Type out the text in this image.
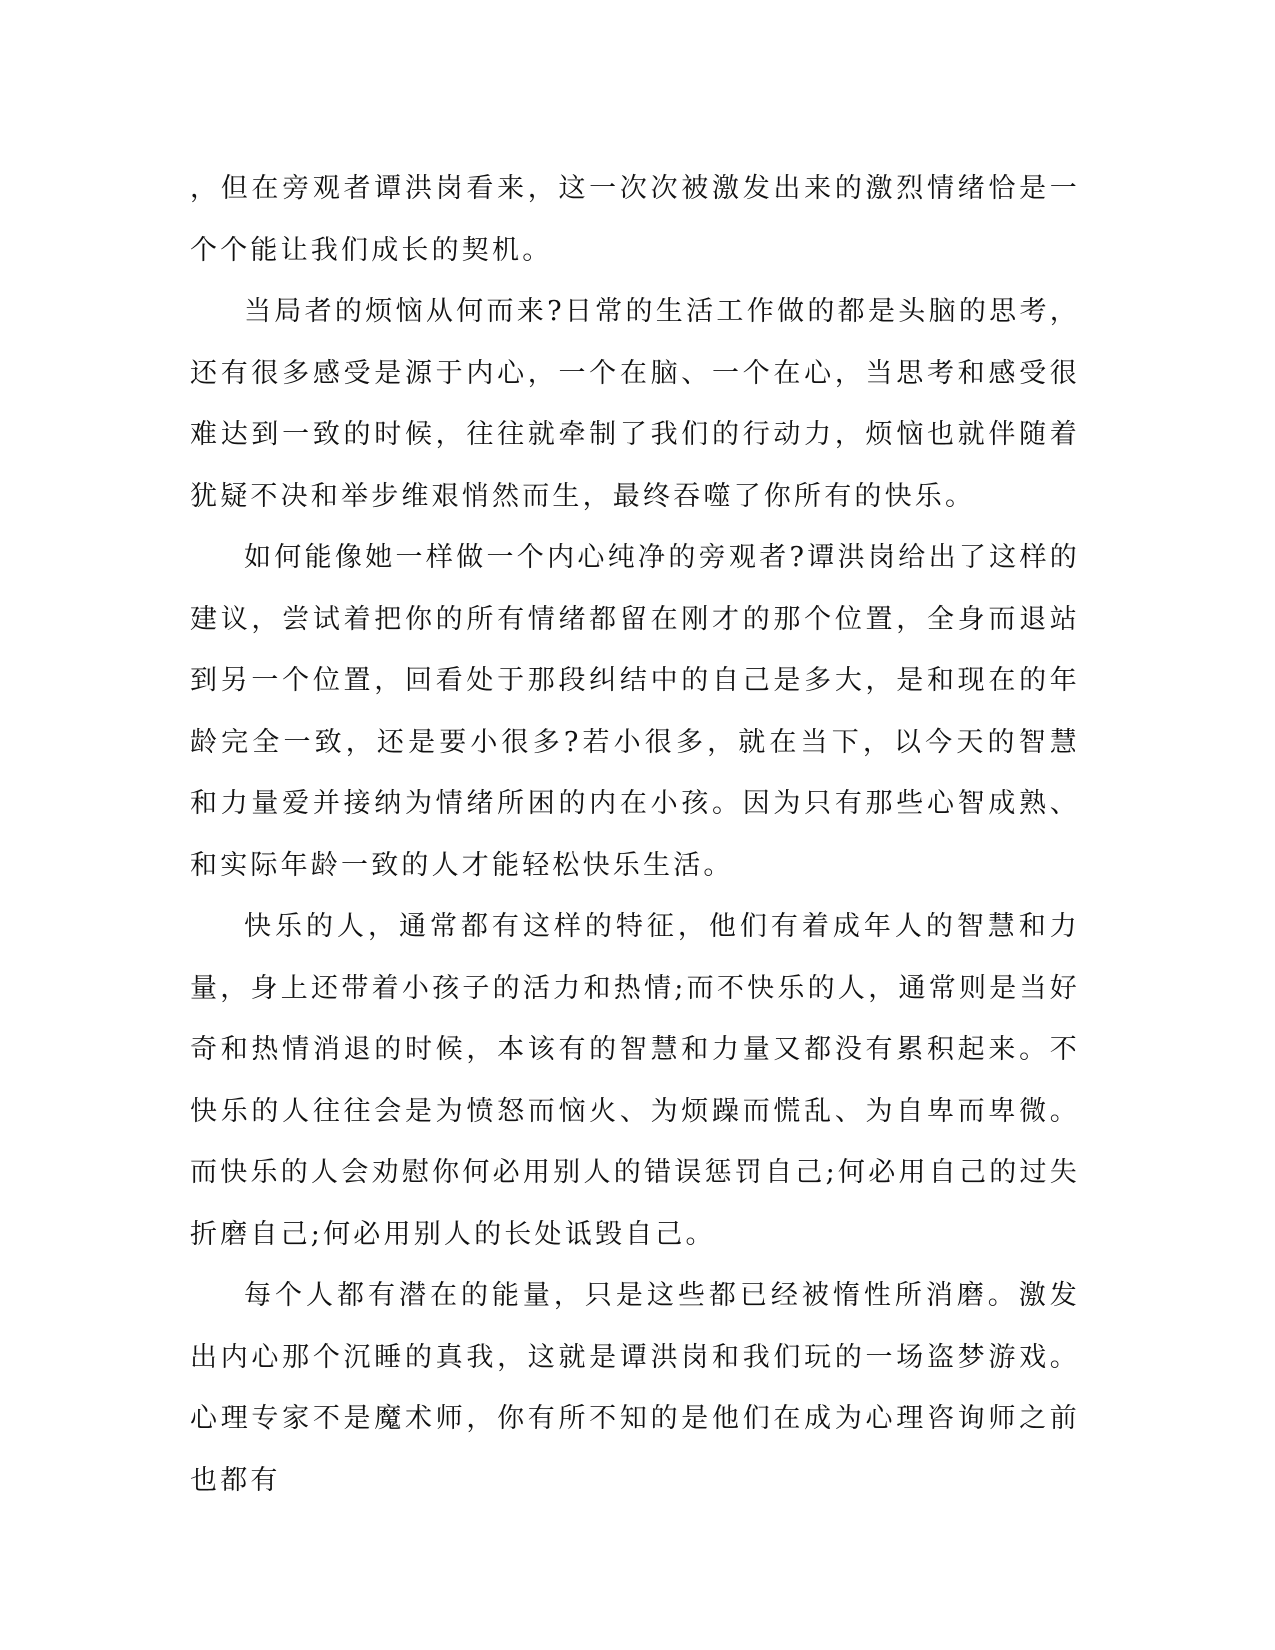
，但在旁观者谭洪岗看来，这一次次被激发出来的激烈情绪恰是一个个能让我们成长的契机。

当局者的烦恼从何而来?日常的生活工作做的都是头脑的思考，还有很多感受是源于内心，一个在脑、一个在心，当思考和感受很难达到一致的时候，往往就牵制了我们的行动力，烦恼也就伴随着犹疑不决和举步维艰悄然而生，最终吞噬了你所有的快乐。

如何能像她一样做一个内心纯净的旁观者?谭洪岗给出了这样的建议，尝试着把你的所有情绪都留在刚才的那个位置，全身而退站到另一个位置，回看处于那段纠结中的自己是多大，是和现在的年龄完全一致，还是要小很多?若小很多，就在当下，以今天的智慧和力量爱并接纳为情绪所困的内在小孩。因为只有那些心智成熟、和实际年龄一致的人才能轻松快乐生活。

快乐的人，通常都有这样的特征，他们有着成年人的智慧和力量，身上还带着小孩子的活力和热情;而不快乐的人，通常则是当好奇和热情消退的时候，本该有的智慧和力量又都没有累积起来。不快乐的人往往会是为愤怒而恼火、为烦躁而慌乱、为自卑而卑微。而快乐的人会劝慰你何必用别人的错误惩罚自己;何必用自己的过失折磨自己;何必用别人的长处诋毁自己。

每个人都有潜在的能量，只是这些都已经被惰性所消磨。激发出内心那个沉睡的真我，这就是谭洪岗和我们玩的一场盗梦游戏。心理专家不是魔术师，你有所不知的是他们在成为心理咨询师之前也都有
